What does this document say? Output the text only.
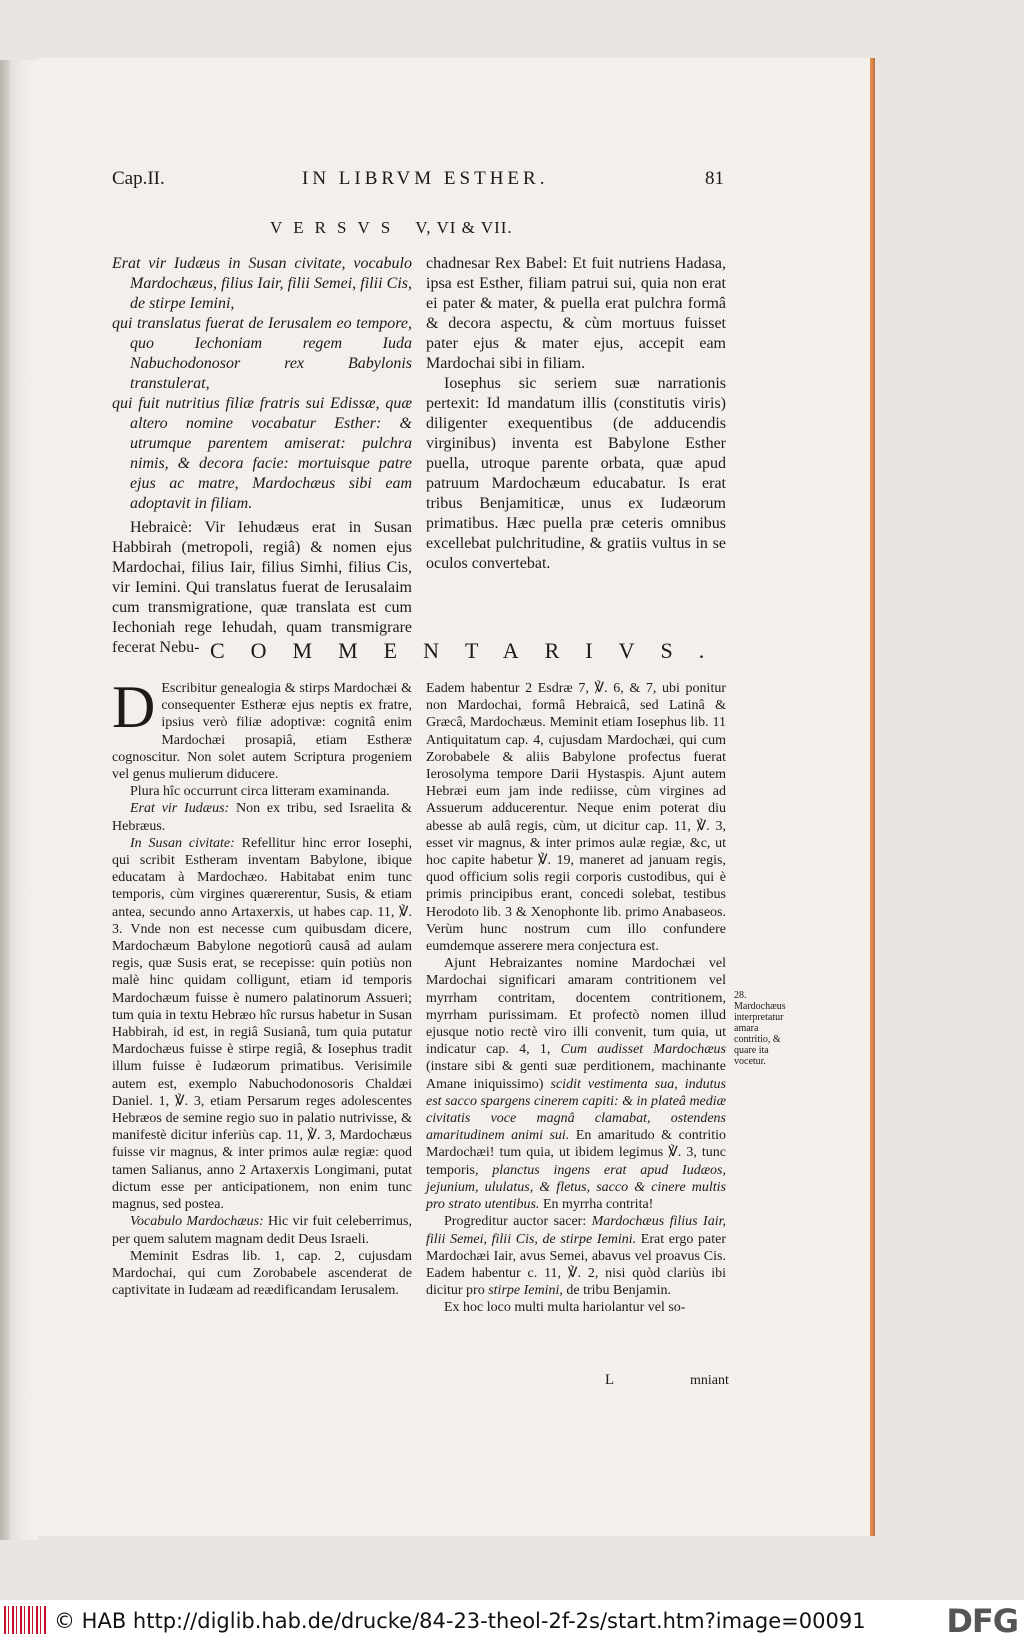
Cap.II.	IN LIBRVM ESTHER.	81
VERSVS V, VI & VII.

Erat vir Iudæus in Susan civitate, vocabulo Mardochæus, filius Iair, filii Semei, filii Cis, de stirpe Iemini,

qui translatus fuerat de Ierusalem eo tempore, quo Iechoniam regem Iuda Nabuchodonosor rex Babylonis transtulerat,

qui fuit nutritius filiæ fratris sui Edissæ, quæ altero nomine vocabatur Esther: & utrumque parentem amiserat: pulchra nimis, & decora facie: mortuisque patre ejus ac matre, Mardochæus sibi eam adoptavit in filiam.

Hebraicè: Vir Iehudæus erat in Susan Habbirah (metropoli, regiâ) & nomen ejus Mardochai, filius Iair, filius Simhi, filius Cis, vir Iemini. Qui translatus fuerat de Ierusalaim cum transmigratione, quæ translata est cum Iechoniah rege Iehudah, quam transmigrare fecerat Nebu-

chadnesar Rex Babel: Et fuit nutriens Hadasa, ipsa est Esther, filiam patrui sui, quia non erat ei pater & mater, & puella erat pulchra formâ & decora aspectu, & cùm mortuus fuisset pater ejus & mater ejus, accepit eam Mardochai sibi in filiam.

Iosephus sic seriem suæ narrationis pertexit: Id mandatum illis (constitutis viris) diligenter exequentibus (de adducendis virginibus) inventa est Babylone Esther puella, utroque parente orbata, quæ apud patruum Mardochæum educabatur. Is erat tribus Benjamiticæ, unus ex Iudæorum primatibus. Hæc puella præ ceteris omnibus excellebat pulchritudine, & gratiis vultus in se oculos convertebat.

COMMENTARIVS.

D Escribitur genealogia & stirps Mardochæi & consequenter Estheræ ejus neptis ex fratre, ipsius verò filiæ adoptivæ: cognitâ enim Mardochæi prosapiâ, etiam Estheræ cognoscitur. Non solet autem Scriptura progeniem vel genus mulierum diducere.

Plura hîc occurrunt circa litteram examinanda.

Erat vir Iudæus: Non ex tribu, sed Israelita & Hebræus.

In Susan civitate: Refellitur hinc error Iosephi, qui scribit Estheram inventam Babylone, ibique educatam à Mardochæo. Habitabat enim tunc temporis, cùm virgines quærerentur, Susis, & etiam antea, secundo anno Artaxerxis, ut habes cap. 11, ℣. 3. Vnde non est necesse cum quibusdam dicere, Mardochæum Babylone negotiorû causâ ad aulam regis, quæ Susis erat, se recepisse: quin potiùs non malè hinc quidam colligunt, etiam id temporis Mardochæum fuisse è numero palatinorum Assueri; tum quia in textu Hebræo hîc rursus habetur in Susan Habbirah, id est, in regiâ Susianâ, tum quia putatur Mardochæus fuisse è stirpe regiâ, & Iosephus tradit illum fuisse è Iudæorum primatibus. Verisimile autem est, exemplo Nabuchodonosoris Chaldæi Daniel. 1, ℣. 3, etiam Persarum reges adolescentes Hebræos de semine regio suo in palatio nutrivisse, & manifestè dicitur inferiùs cap. 11, ℣. 3, Mardochæus fuisse vir magnus, & inter primos aulæ regiæ: quod tamen Salianus, anno 2 Artaxerxis Longimani, putat dictum esse per anticipationem, non enim tunc magnus, sed postea.

Vocabulo Mardochæus: Hic vir fuit celeberrimus, per quem salutem magnam dedit Deus Israeli.

Meminit Esdras lib. 1, cap. 2, cujusdam Mardochai, qui cum Zorobabele ascenderat de captivitate in Iudæam ad reædificandam Ierusalem.

Eadem habentur 2 Esdræ 7, ℣. 6, & 7, ubi ponitur non Mardochai, formâ Hebraicâ, sed Latinâ & Græcâ, Mardochæus. Meminit etiam Iosephus lib. 11 Antiquitatum cap. 4, cujusdam Mardochæi, qui cum Zorobabele & aliis Babylone profectus fuerat Ierosolyma tempore Darii Hystaspis. Ajunt autem Hebræi eum jam inde rediisse, cùm virgines ad Assuerum adducerentur. Neque enim poterat diu abesse ab aulâ regis, cùm, ut dicitur cap. 11, ℣. 3, esset vir magnus, & inter primos aulæ regiæ, &c, ut hoc capite habetur ℣. 19, maneret ad januam regis, quod officium solis regii corporis custodibus, qui è primis principibus erant, concedi solebat, testibus Herodoto lib. 3 & Xenophonte lib. primo Anabaseos. Verùm hunc nostrum cum illo confundere eumdemque asserere mera conjectura est.

Ajunt Hebraizantes nomine Mardochæi vel Mardochai significari amaram contritionem vel myrrham contritam, docentem contritionem, myrrham purissimam. Et profectò nomen illud ejusque notio rectè viro illi convenit, tum quia, ut indicatur cap. 4, 1, Cum audisset Mardochæus (instare sibi & genti suæ perditionem, machinante Amane iniquissimo) scidit vestimenta sua, indutus est sacco spargens cinerem capiti: & in plateâ mediæ civitatis voce magnâ clamabat, ostendens amaritudinem animi sui. En amaritudo & contritio Mardochæi! tum quia, ut ibidem legimus ℣. 3, tunc temporis, planctus ingens erat apud Iudæos, jejunium, ululatus, & fletus, sacco & cinere multis pro strato utentibus. En myrrha contrita!

Progreditur auctor sacer: Mardochæus filius Iair, filii Semei, filii Cis, de stirpe Iemini. Erat ergo pater Mardochæi Iair, avus Semei, abavus vel proavus Cis. Eadem habentur c. 11, ℣. 2, nisi quòd clariùs ibi dicitur pro stirpe Iemini, de tribu Benjamin.

Ex hoc loco multi multa hariolantur vel so-

28. Mardochæus interpretatur amara contritio, & quare ita vocetur.
L	mniant
© HAB http://diglib.hab.de/drucke/84-23-theol-2f-2s/start.htm?image=00091	DFG
